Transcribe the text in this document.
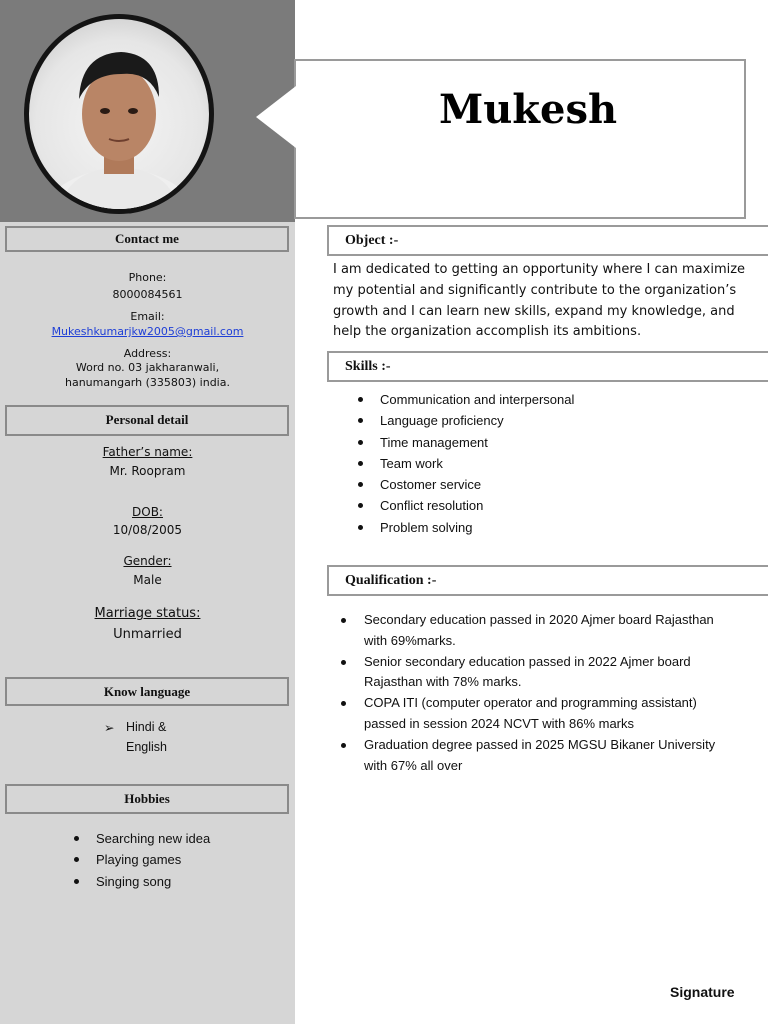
Mukesh
Contact me
Phone:
8000084561
Email:
Mukeshkumarjkw2005@gmail.com
Address:
Word no. 03 jakharanwali,
hanumangarh (335803) india.
Personal detail
Father’s name:
Mr. Roopram
DOB:
10/08/2005
Gender:
Male
Marriage status:
Unmarried
Know language
➢ Hindi &
English
Hobbies
Searching new idea
Playing games
Singing song
Object :-
I am dedicated to getting an opportunity where I can maximize
my potential and significantly contribute to the organization’s
growth and I can learn new skills, expand my knowledge, and
help the organization accomplish its ambitions.
Skills :-
Communication and interpersonal
Language proficiency
Time management
Team work
Costomer service
Conflict resolution
Problem solving
Qualification :-
Secondary education passed in 2020 Ajmer board Rajasthan
with 69%marks.
Senior secondary education passed in 2022 Ajmer board
Rajasthan with 78% marks.
COPA ITI (computer operator and programming assistant)
passed in session 2024 NCVT with 86% marks
Graduation degree passed in 2025 MGSU Bikaner University
with 67% all over
Signature
